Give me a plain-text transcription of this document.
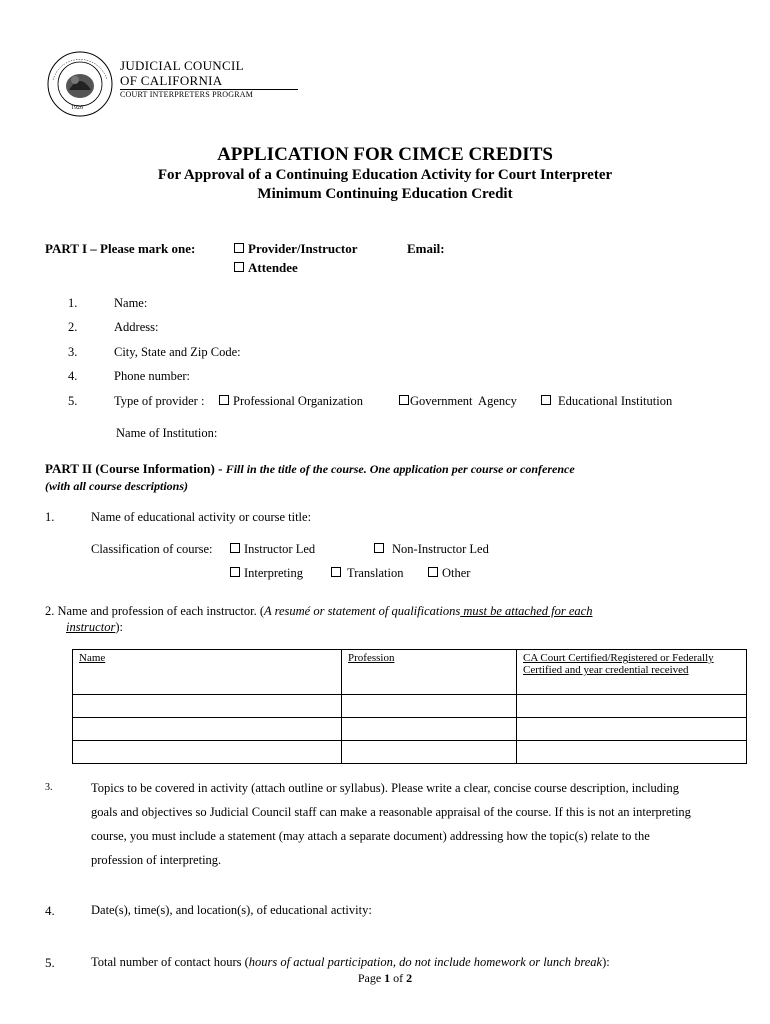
1926
JUDICIAL COUNCIL
OF CALIFORNIA
COURT INTERPRETERS PROGRAM
APPLICATION FOR CIMCE CREDITS
For Approval of a Continuing Education Activity for Court Interpreter
Minimum Continuing Education Credit
PART I – Please mark one:	Provider/Instructor	Email:
Attendee
1.	Name:
2.	Address:
3.	City, State and Zip Code:
4.	Phone number:
5.	Type of provider :	Professional Organization	Government  Agency	Educational Institution
Name of Institution:
PART II (Course Information) - Fill in the title of the course. One application per course or conference
(with all course descriptions)
1.	Name of educational activity or course title:
Classification of course:	Instructor Led	Non-Instructor Led
Interpreting	Translation	Other
2. Name and profession of each instructor. (A resumé or statement of qualifications must be attached for each
instructor):
Name	Profession	CA Court Certified/Registered or Federally Certified and year credential received

3.	Topics to be covered in activity (attach outline or syllabus). Please write a clear, concise course description, including goals and objectives so Judicial Council staff can make a reasonable appraisal of the course. If this is not an interpreting course, you must include a statement (may attach a separate document) addressing how the topic(s) relate to the profession of interpreting.
4.	Date(s), time(s), and location(s), of educational activity:
5.	Total number of contact hours (hours of actual participation, do not include homework or lunch break):
Page 1 of 2
